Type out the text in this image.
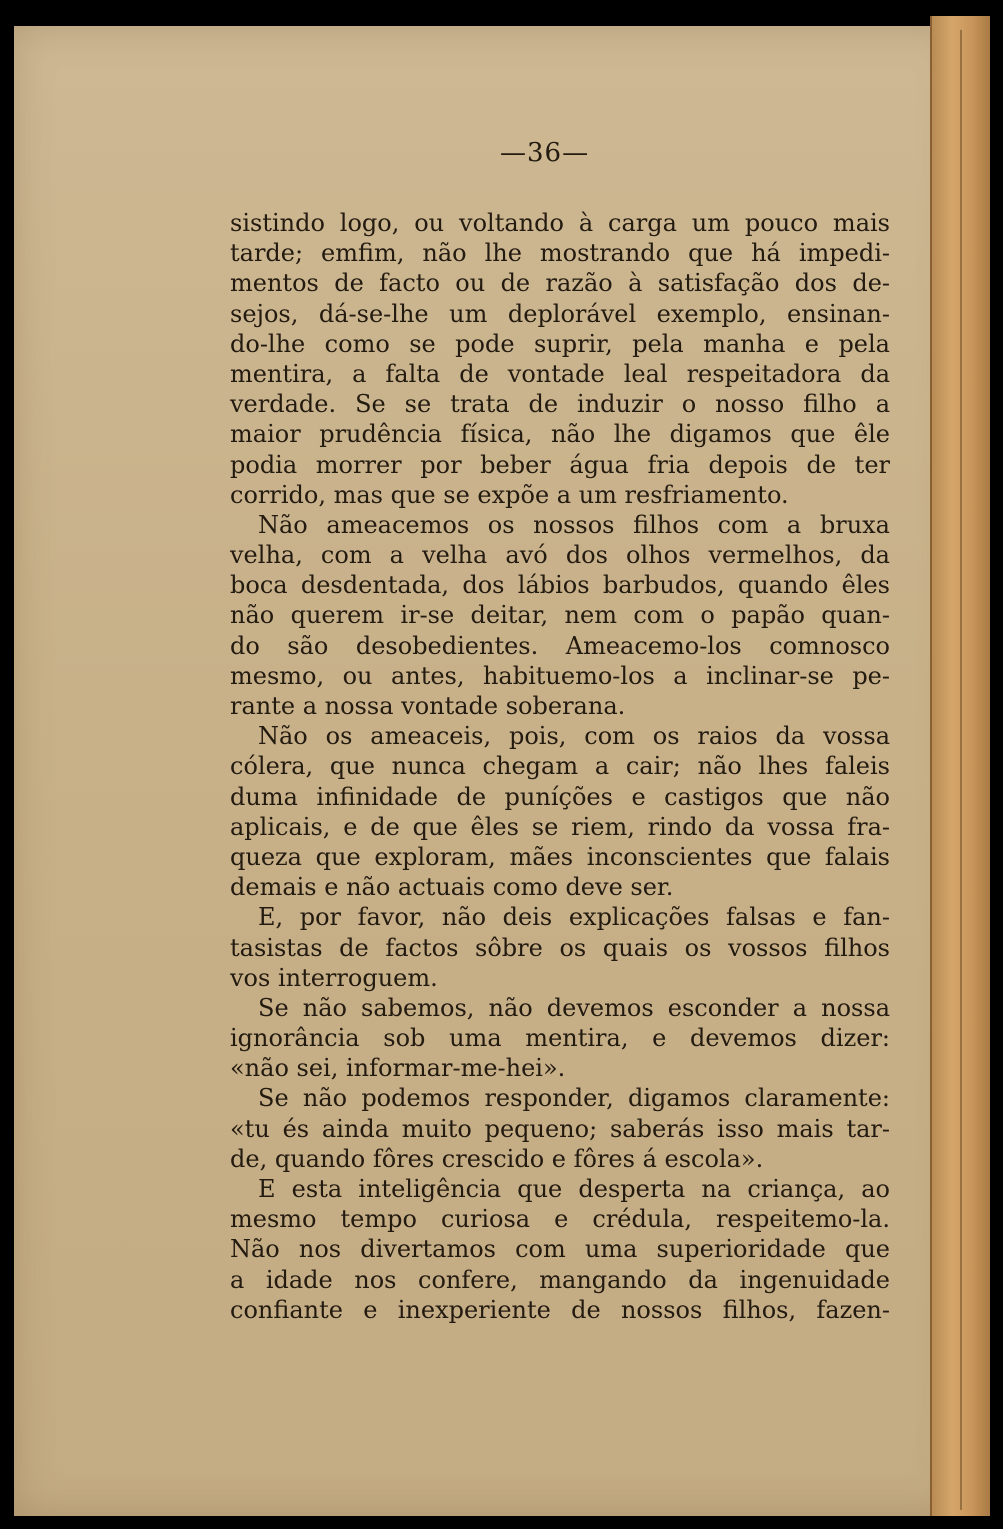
—36—
sistindo logo, ou voltando à carga um pouco mais
tarde; emfim, não lhe mostrando que há impedi-
mentos de facto ou de razão à satisfação dos de-
sejos, dá-se-lhe um deplorável exemplo, ensinan-
do-lhe como se pode suprir, pela manha e pela
mentira, a falta de vontade leal respeitadora da
verdade. Se se trata de induzir o nosso filho a
maior prudência física, não lhe digamos que êle
podia morrer por beber água fria depois de ter
corrido, mas que se expõe a um resfriamento.
Não ameacemos os nossos filhos com a bruxa
velha, com a velha avó dos olhos vermelhos, da
boca desdentada, dos lábios barbudos, quando êles
não querem ir-se deitar, nem com o papão quan-
do são desobedientes. Ameacemo-los comnosco
mesmo, ou antes, habituemo-los a inclinar-se pe-
rante a nossa vontade soberana.
Não os ameaceis, pois, com os raios da vossa
cólera, que nunca chegam a cair; não lhes faleis
duma infinidade de puníções e castigos que não
aplicais, e de que êles se riem, rindo da vossa fra-
queza que exploram, mães inconscientes que falais
demais e não actuais como deve ser.
E, por favor, não deis explicações falsas e fan-
tasistas de factos sôbre os quais os vossos filhos
vos interroguem.
Se não sabemos, não devemos esconder a nossa
ignorância sob uma mentira, e devemos dizer:
«não sei, informar-me-hei».
Se não podemos responder, digamos claramente:
«tu és ainda muito pequeno; saberás isso mais tar-
de, quando fôres crescido e fôres á escola».
E esta inteligência que desperta na criança, ao
mesmo tempo curiosa e crédula, respeitemo-la.
Não nos divertamos com uma superioridade que
a idade nos confere, mangando da ingenuidade
confiante e inexperiente de nossos filhos, fazen-
